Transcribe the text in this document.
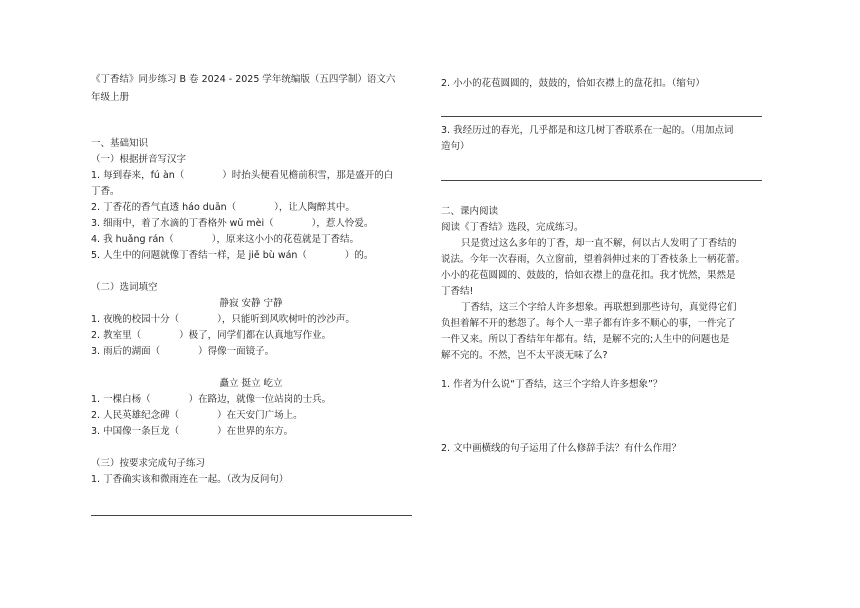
《丁香结》同步练习 B 卷 2024 - 2025 学年统编版（五四学制）语文六
年级上册
一、基础知识
（一）根据拼音写汉字
1. 每到春来，fú àn（　　　　）时抬头便看见檐前积雪，那是盛开的白
丁香。
2. 丁香花的香气直透 háo duān（　　　　），让人陶醉其中。
3. 细雨中，着了水滴的丁香格外 wǔ mèi（　　　　），惹人怜爱。
4. 我 huǎng rán（　　　　），原来这小小的花苞就是丁香结。
5. 人生中的问题就像丁香结一样，是 jiě bù wán（　　　　）的。
（二）选词填空
静寂 安静 宁静
1. 夜晚的校园十分（　　　　），只能听到风吹树叶的沙沙声。
2. 教室里（　　　　）极了，同学们都在认真地写作业。
3. 雨后的湖面（　　　　）得像一面镜子。
矗立 挺立 屹立
1. 一棵白杨（　　　　）在路边，就像一位站岗的士兵。
2. 人民英雄纪念碑（　　　　）在天安门广场上。
3. 中国像一条巨龙（　　　　）在世界的东方。
（三）按要求完成句子练习
1. 丁香确实该和微雨连在一起。（改为反问句）
2. 小小的花苞圆圆的，鼓鼓的，恰如衣襟上的盘花扣。（缩句）
3. 我经历过的春光，几乎都是和这几树丁香联系在一起的。（用加点词
造句）
二、课内阅读
阅读《丁香结》选段，完成练习。
只是赏过这么多年的丁香，却一直不解，何以古人发明了丁香结的
说法。今年一次春雨，久立窗前，望着斜伸过来的丁香枝条上一柄花蕾。
小小的花苞圆圆的、鼓鼓的，恰如衣襟上的盘花扣。我才恍然，果然是
丁香结!
丁香结，这三个字给人许多想象。再联想到那些诗句，真觉得它们
负担着解不开的愁怨了。每个人一辈子都有许多不顺心的事，一件完了
一件又来。所以丁香结年年都有。结，是解不完的;人生中的问题也是
解不完的。不然，岂不太平淡无味了么?
1. 作者为什么说“丁香结，这三个字给人许多想象”？
2. 文中画横线的句子运用了什么修辞手法？有什么作用？
